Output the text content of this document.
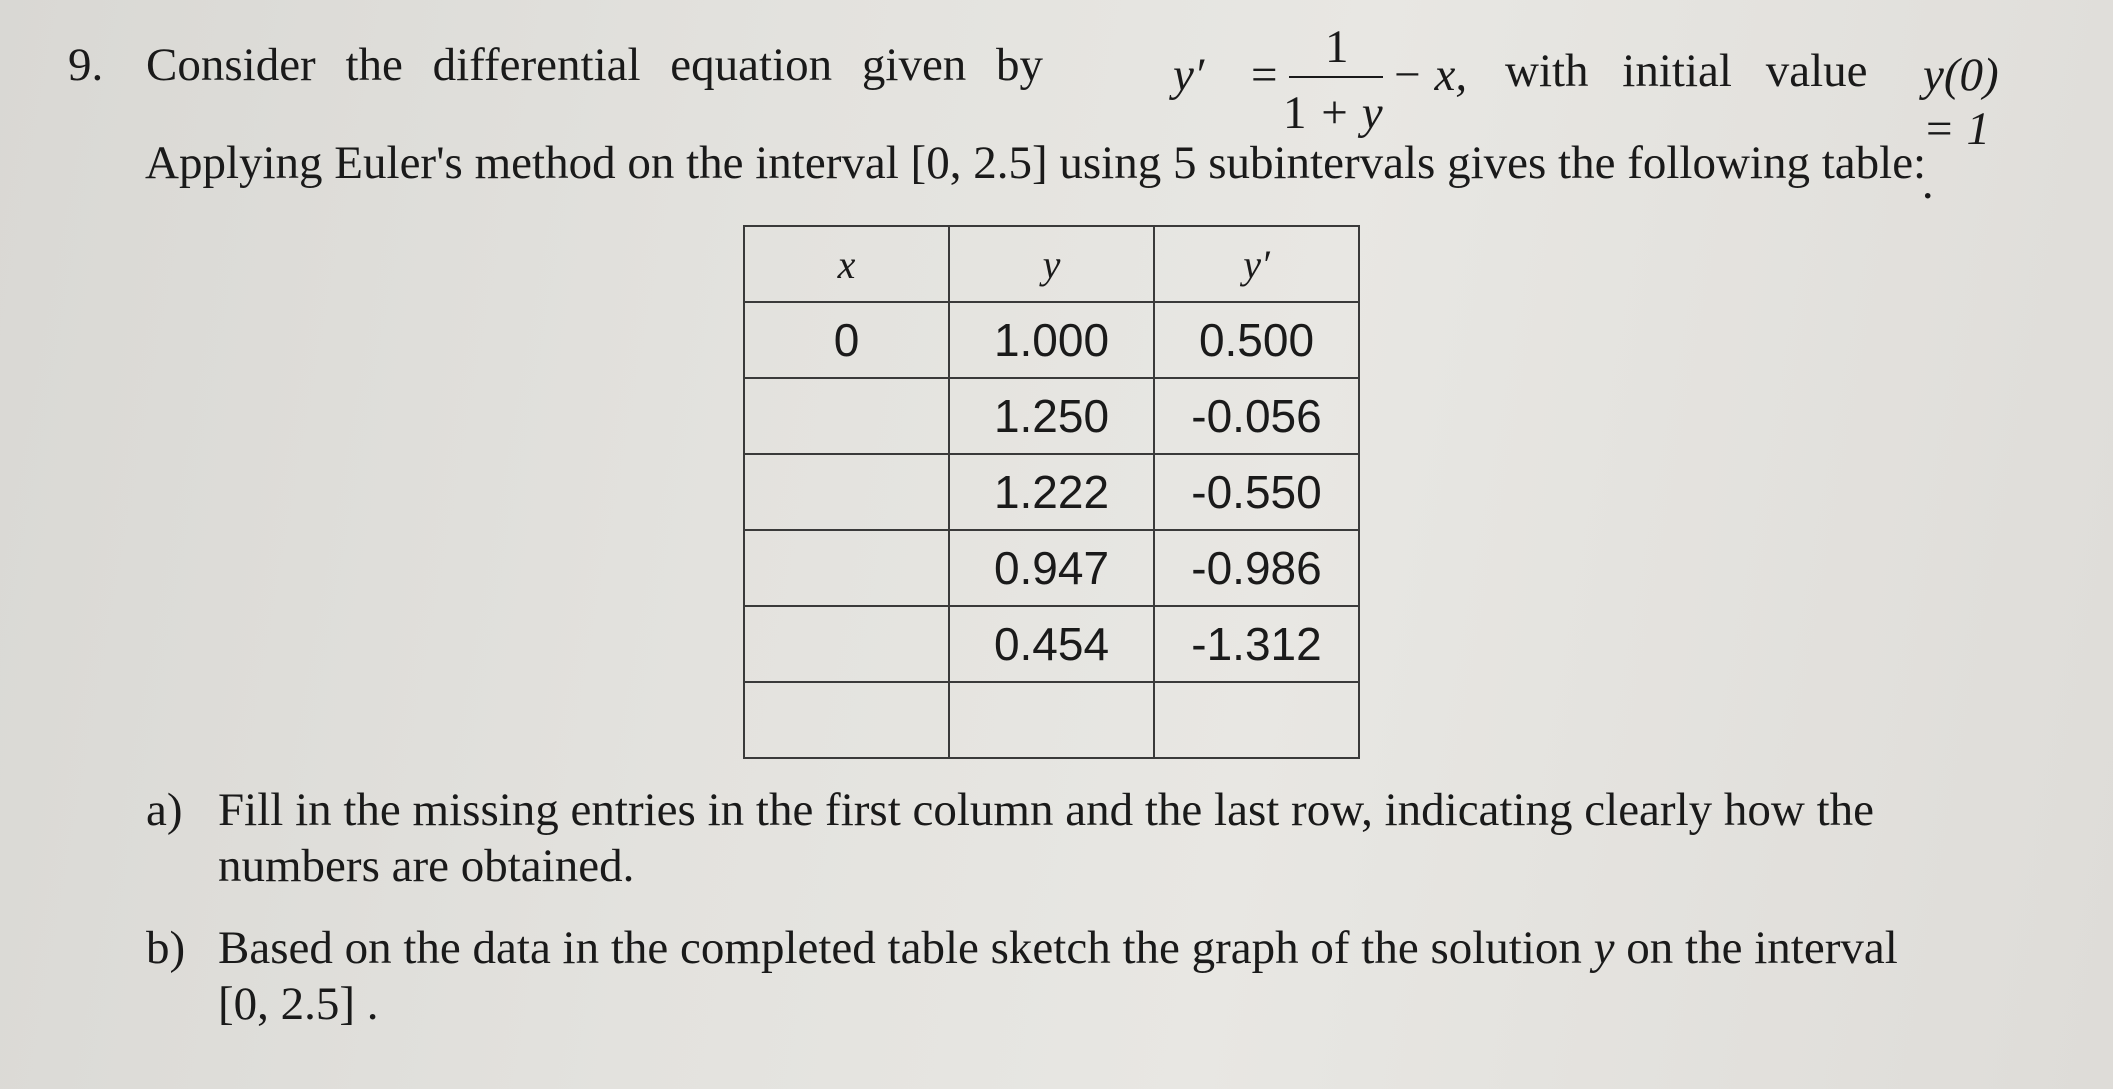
9. Consider the differential equation given by	y′ =
1
1 + y
− x, with initial value y(0) = 1 .
Applying Euler's method on the interval [0, 2.5] using 5 subintervals gives the following table:
x	y	y′
0	1.000	0.500
	1.250	-0.056
	1.222	-0.550
	0.947	-0.986
	0.454	-1.312

a) Fill in the missing entries in the first column and the last row, indicating clearly how the
numbers are obtained.
b) Based on the data in the completed table sketch the graph of the solution y on the interval
[0, 2.5] .
